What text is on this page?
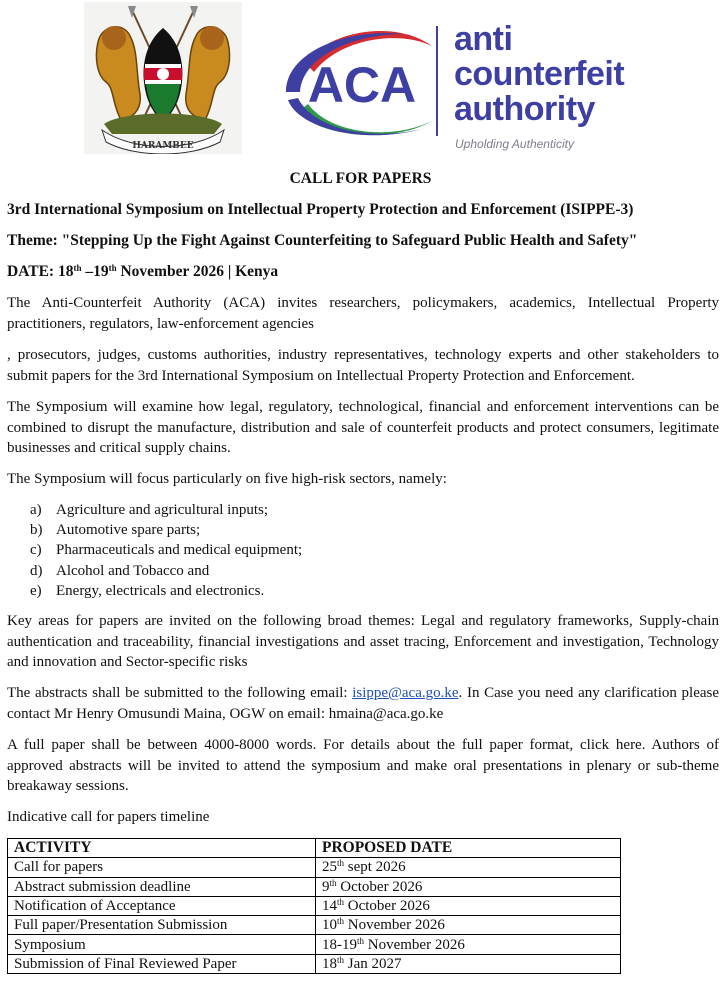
HARAMBEE
ACA
anti
counterfeit
authority
Upholding Authenticity
CALL FOR PAPERS
3rd International Symposium on Intellectual Property Protection and Enforcement (ISIPPE-3)
Theme: "Stepping Up the Fight Against Counterfeiting to Safeguard Public Health and Safety"
DATE: 18th –19th November 2026 | Kenya
The Anti-Counterfeit Authority (ACA) invites researchers, policymakers, academics, Intellectual Property practitioners, regulators, law-enforcement agencies
, prosecutors, judges, customs authorities, industry representatives, technology experts and other stakeholders to submit papers for the 3rd International Symposium on Intellectual Property Protection and Enforcement.
The Symposium will examine how legal, regulatory, technological, financial and enforcement interventions can be combined to disrupt the manufacture, distribution and sale of counterfeit products and protect consumers, legitimate businesses and critical supply chains.
The Symposium will focus particularly on five high-risk sectors, namely:
a) Agriculture and agricultural inputs;
b) Automotive spare parts;
c) Pharmaceuticals and medical equipment;
d) Alcohol and Tobacco and
e) Energy, electricals and electronics.
Key areas for papers are invited on the following broad themes: Legal and regulatory frameworks, Supply-chain authentication and traceability, financial investigations and asset tracing, Enforcement and investigation, Technology and innovation and Sector-specific risks
The abstracts shall be submitted to the following email: isippe@aca.go.ke. In Case you need any clarification please contact Mr Henry Omusundi Maina, OGW on email: hmaina@aca.go.ke
A full paper shall be between 4000-8000 words. For details about the full paper format, click here. Authors of approved abstracts will be invited to attend the symposium and make oral presentations in plenary or sub-theme breakaway sessions.
Indicative call for papers timeline
ACTIVITY	PROPOSED DATE
Call for papers	25th sept 2026
Abstract submission deadline	9th October 2026
Notification of Acceptance	14th October 2026
Full paper/Presentation Submission	10th November 2026
Symposium	18-19th November 2026
Submission of Final Reviewed Paper	18th Jan 2027
